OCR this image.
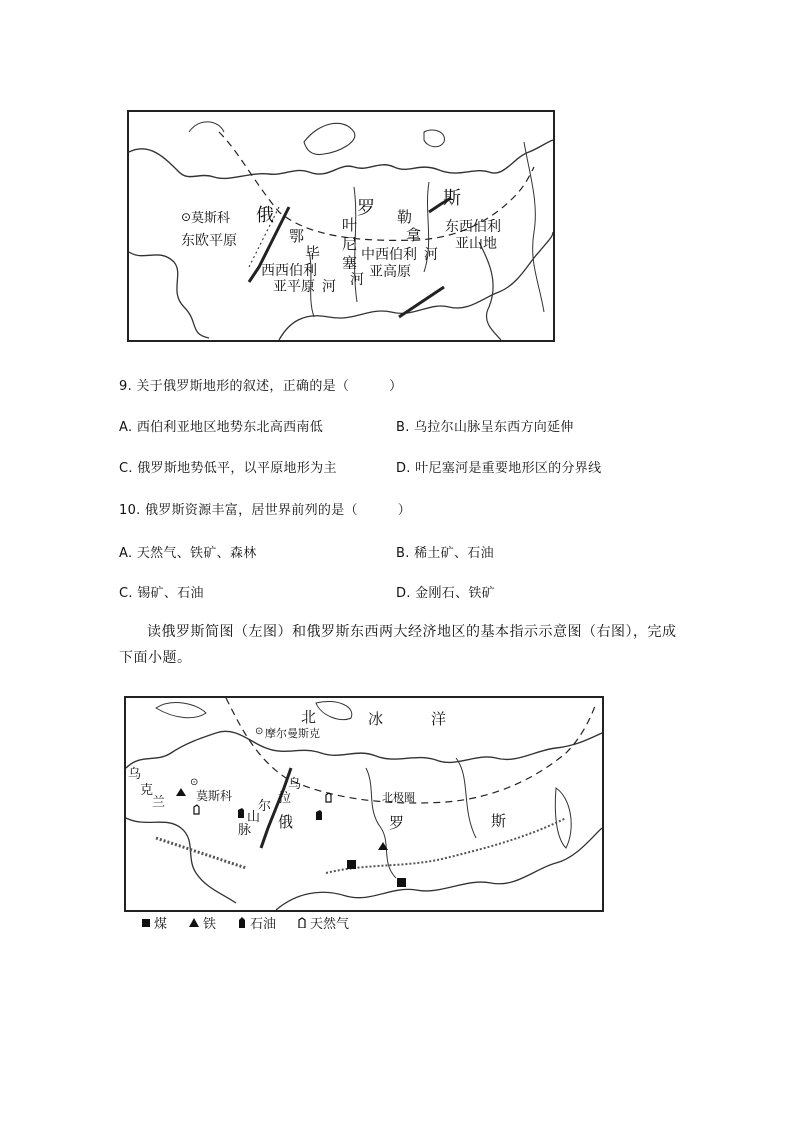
莫斯科
⊙
东欧平原
俄	罗	斯
鄂
毕
西西伯利
亚平原 河
叶
尼
塞
河
中西伯利
亚高原
勒
拿
河
东西伯利
亚山地
9. 关于俄罗斯地形的叙述，正确的是（　　　）
A. 西伯利亚地区地势东北高西南低	B. 乌拉尔山脉呈东西方向延伸
C. 俄罗斯地势低平，以平原地形为主	D. 叶尼塞河是重要地形区的分界线
10. 俄罗斯资源丰富，居世界前列的是（　　　）
A. 天然气、铁矿、森林	B. 稀土矿、石油
C. 锡矿、石油	D. 金刚石、铁矿
读俄罗斯简图（左图）和俄罗斯东西两大经济地区的基本指示示意图（右图），完成下面小题。
北	冰	洋
⊙ 摩尔曼斯克
乌
克
兰
⊙
莫斯科
乌
拉
尔
山
脉 俄	罗	斯
北极圈
煤	铁	石油	天然气
